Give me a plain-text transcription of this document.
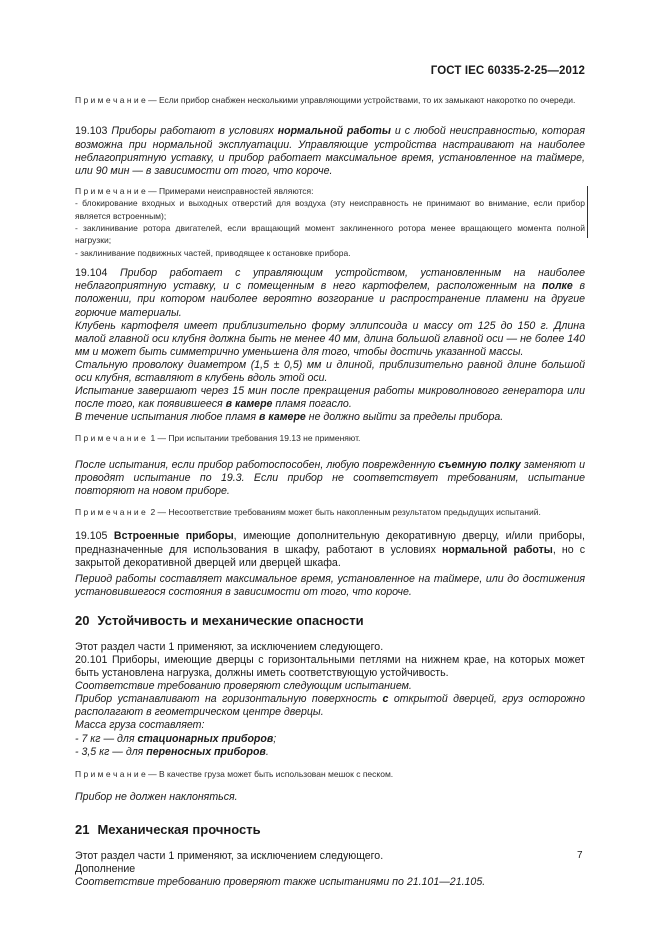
ГОСТ IEC 60335-2-25—2012

П р и м е ч а н и е — Если прибор снабжен несколькими управляющими устройствами, то их замыкают накоротко по очереди.

19.103 Приборы работают в условиях нормальной работы и с любой неисправностью, которая возможна при нормальной эксплуатации. Управляющие устройства настраивают на наиболее неблагоприятную уставку, и прибор работает максимальное время, установленное на таймере, или 90 мин — в зависимости от того, что короче.

П р и м е ч а н и е — Примерами неисправностей являются:

- блокирование входных и выходных отверстий для воздуха (эту неисправность не принимают во внимание, если прибор является встроенным);

- заклинивание ротора двигателей, если вращающий момент заклиненного ротора менее вращающего момента полной нагрузки;

- заклинивание подвижных частей, приводящее к остановке прибора.

19.104 Прибор работает с управляющим устройством, установленным на наиболее неблагоприятную уставку, и с помещенным в него картофелем, расположенным на полке в положении, при котором наиболее вероятно возгорание и распространение пламени на другие горючие материалы.

Клубень картофеля имеет приблизительно форму эллипсоида и массу от 125 до 150 г. Длина малой главной оси клубня должна быть не менее 40 мм, длина большой главной оси — не более 140 мм и может быть симметрично уменьшена для того, чтобы достичь указанной массы.

Стальную проволоку диаметром (1,5 ± 0,5) мм и длиной, приблизительно равной длине большой оси клубня, вставляют в клубень вдоль этой оси.

Испытание завершают через 15 мин после прекращения работы микроволнового генератора или после того, как появившееся в камере пламя погасло.

В течение испытания любое пламя в камере не должно выйти за пределы прибора.

П р и м е ч а н и е  1 — При испытании требования 19.13 не применяют.

После испытания, если прибор работоспособен, любую поврежденную съемную полку заменяют и проводят испытание по 19.3. Если прибор не соответствует требованиям, испытание повторяют на новом приборе.

П р и м е ч а н и е  2 — Несоответствие требованиям может быть накопленным результатом предыдущих испытаний.

19.105 Встроенные приборы, имеющие дополнительную декоративную дверцу, и/или приборы, предназначенные для использования в шкафу, работают в условиях нормальной работы, но с закрытой декоративной дверцей или дверцей шкафа.

Период работы составляет максимальное время, установленное на таймере, или до достижения установившегося состояния в зависимости от того, что короче.

20 Устойчивость и механические опасности

Этот раздел части 1 применяют, за исключением следующего.

20.101 Приборы, имеющие дверцы с горизонтальными петлями на нижнем крае, на которых может быть установлена нагрузка, должны иметь соответствующую устойчивость.

Соответствие требованию проверяют следующим испытанием.

Прибор устанавливают на горизонтальную поверхность с открытой дверцей, груз осторожно располагают в геометрическом центре дверцы.

Масса груза составляет:

- 7 кг — для стационарных приборов;

- 3,5 кг — для переносных приборов.

П р и м е ч а н и е — В качестве груза может быть использован мешок с песком.

Прибор не должен наклоняться.

21 Механическая прочность

Этот раздел части 1 применяют, за исключением следующего.

Дополнение

Соответствие требованию проверяют также испытаниями по 21.101—21.105.

7
